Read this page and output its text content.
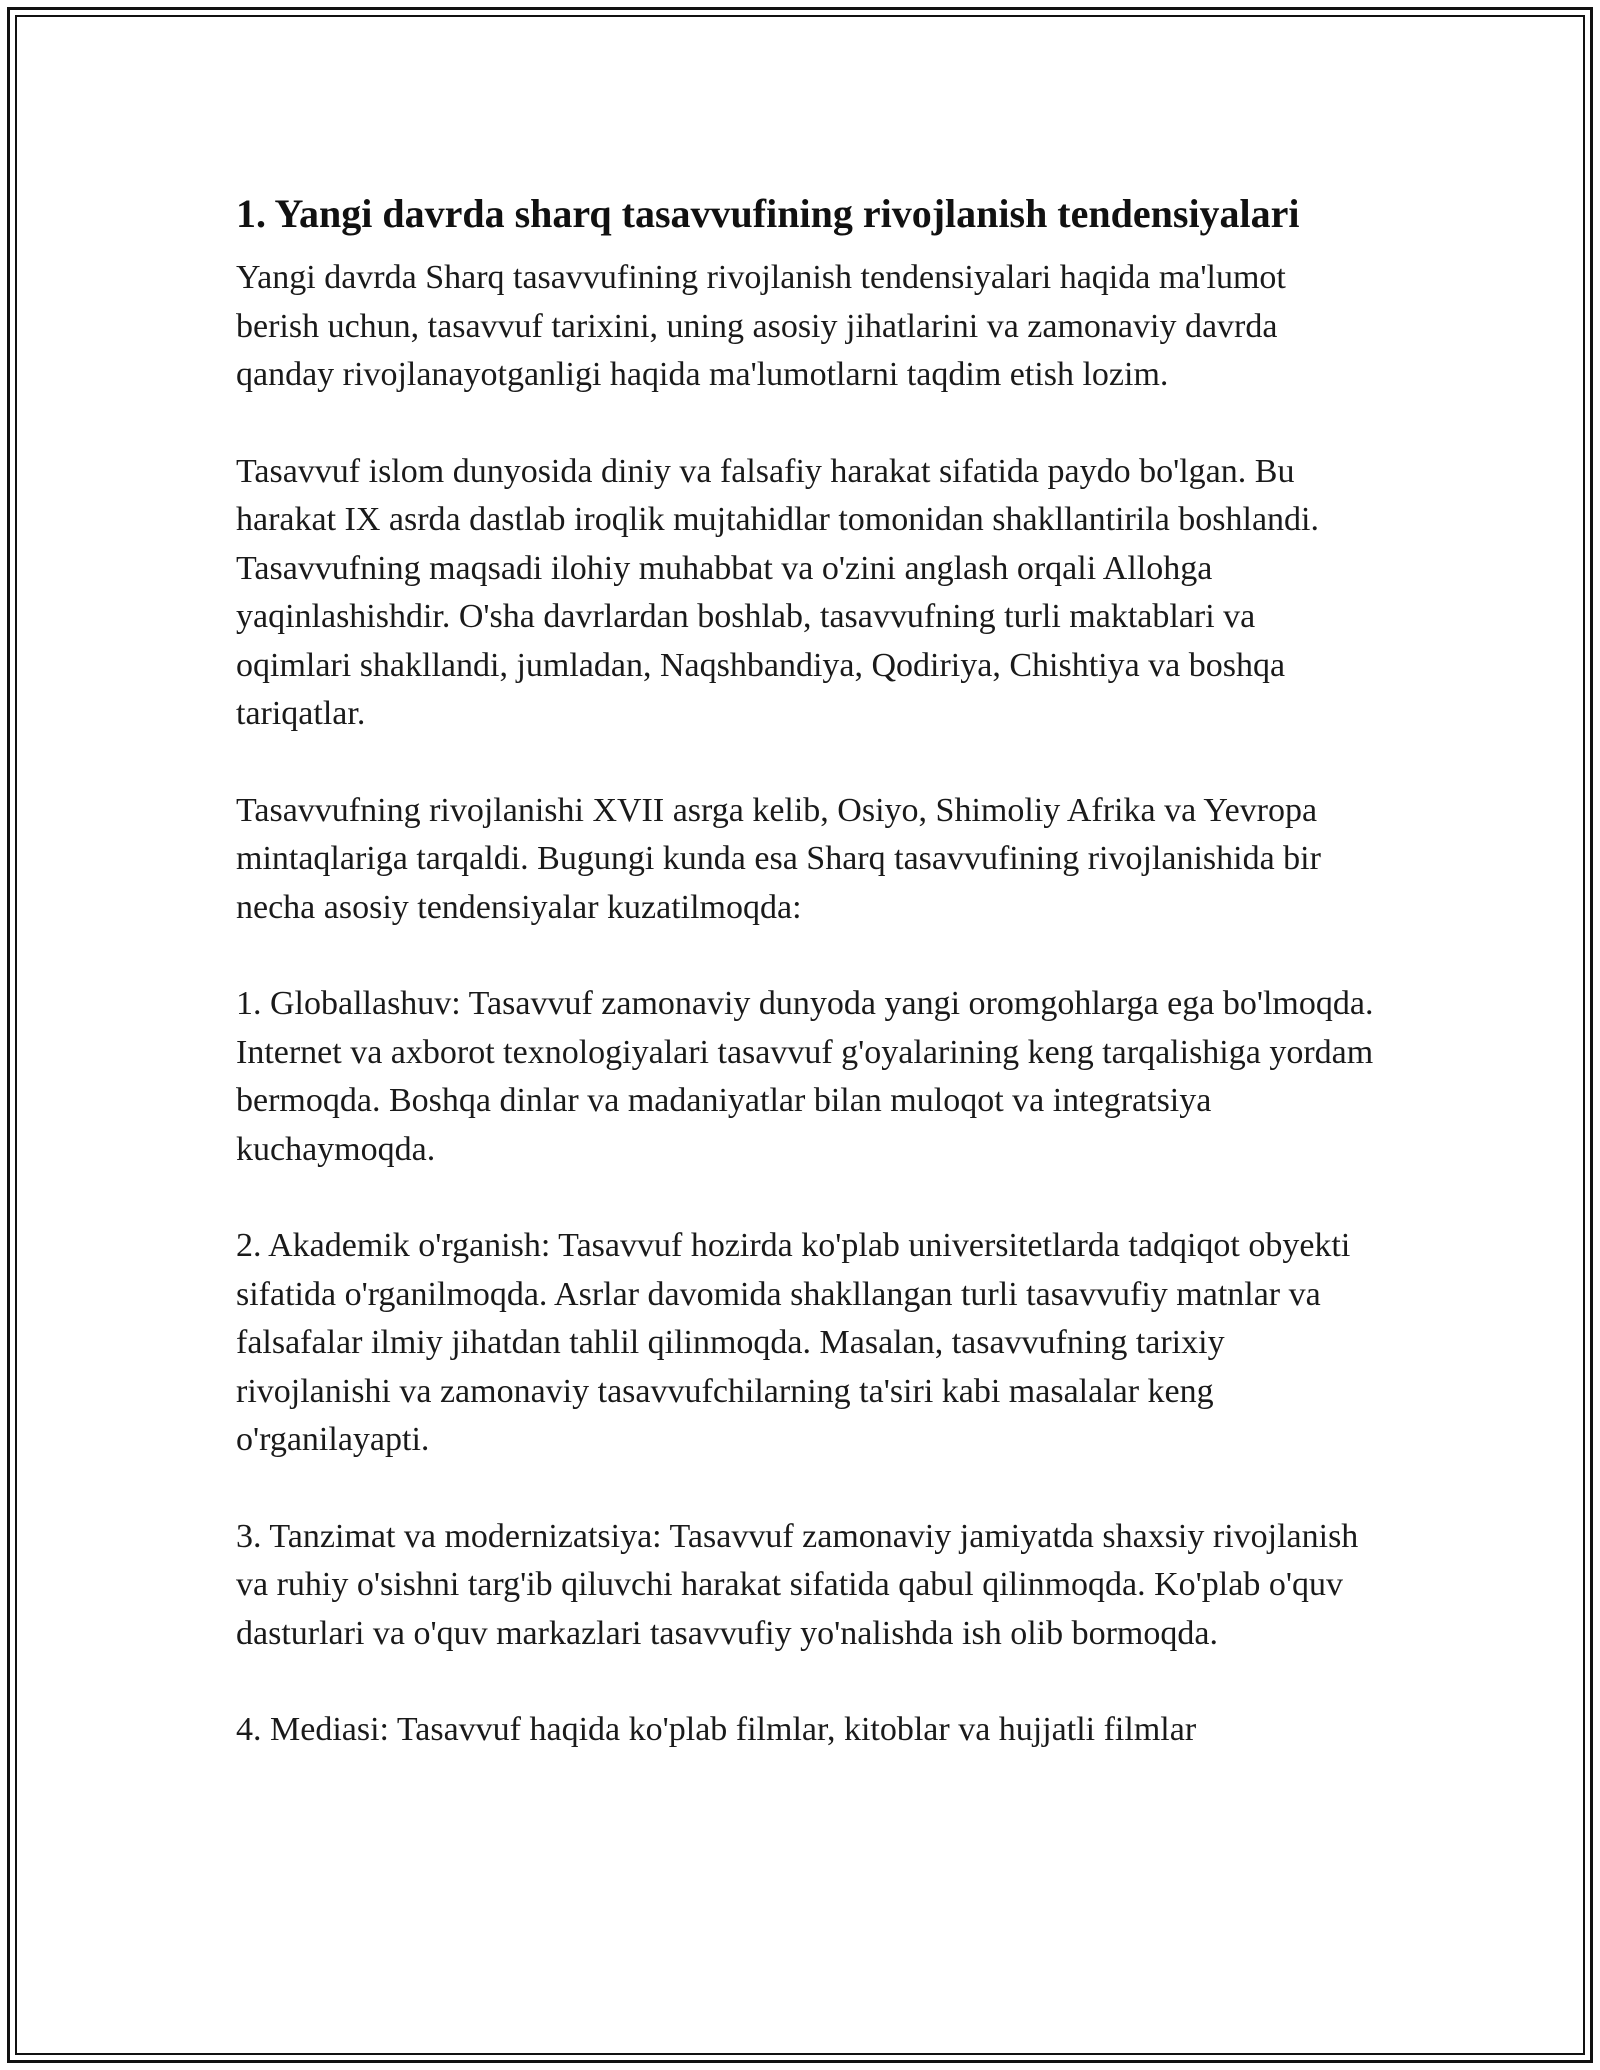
1. Yangi davrda sharq tasavvufining rivojlanish tendensiyalari

Yangi davrda Sharq tasavvufining rivojlanish tendensiyalari haqida ma'lumot berish uchun, tasavvuf tarixini, uning asosiy jihatlarini va zamonaviy davrda qanday rivojlanayotganligi haqida ma'lumotlarni taqdim etish lozim.

Tasavvuf islom dunyosida diniy va falsafiy harakat sifatida paydo bo'lgan. Bu harakat IX asrda dastlab iroqlik mujtahidlar tomonidan shakllantirila boshlandi. Tasavvufning maqsadi ilohiy muhabbat va o'zini anglash orqali Allohga yaqinlashishdir. O'sha davrlardan boshlab, tasavvufning turli maktablari va oqimlari shakllandi, jumladan, Naqshbandiya, Qodiriya, Chishtiya va boshqa tariqatlar.

Tasavvufning rivojlanishi XVII asrga kelib, Osiyo, Shimoliy Afrika va Yevropa mintaqlariga tarqaldi. Bugungi kunda esa Sharq tasavvufining rivojlanishida bir necha asosiy tendensiyalar kuzatilmoqda:

1. Globallashuv: Tasavvuf zamonaviy dunyoda yangi oromgohlarga ega bo'lmoqda. Internet va axborot texnologiyalari tasavvuf g'oyalarining keng tarqalishiga yordam bermoqda. Boshqa dinlar va madaniyatlar bilan muloqot va integratsiya kuchaymoqda.

2. Akademik o'rganish: Tasavvuf hozirda ko'plab universitetlarda tadqiqot obyekti sifatida o'rganilmoqda. Asrlar davomida shakllangan turli tasavvufiy matnlar va falsafalar ilmiy jihatdan tahlil qilinmoqda. Masalan, tasavvufning tarixiy rivojlanishi va zamonaviy tasavvufchilarning ta'siri kabi masalalar keng o'rganilayapti.

3. Tanzimat va modernizatsiya: Tasavvuf zamonaviy jamiyatda shaxsiy rivojlanish va ruhiy o'sishni targ'ib qiluvchi harakat sifatida qabul qilinmoqda. Ko'plab o'quv dasturlari va o'quv markazlari tasavvufiy yo'nalishda ish olib bormoqda.

4. Mediasi: Tasavvuf haqida ko'plab filmlar, kitoblar va hujjatli filmlar
